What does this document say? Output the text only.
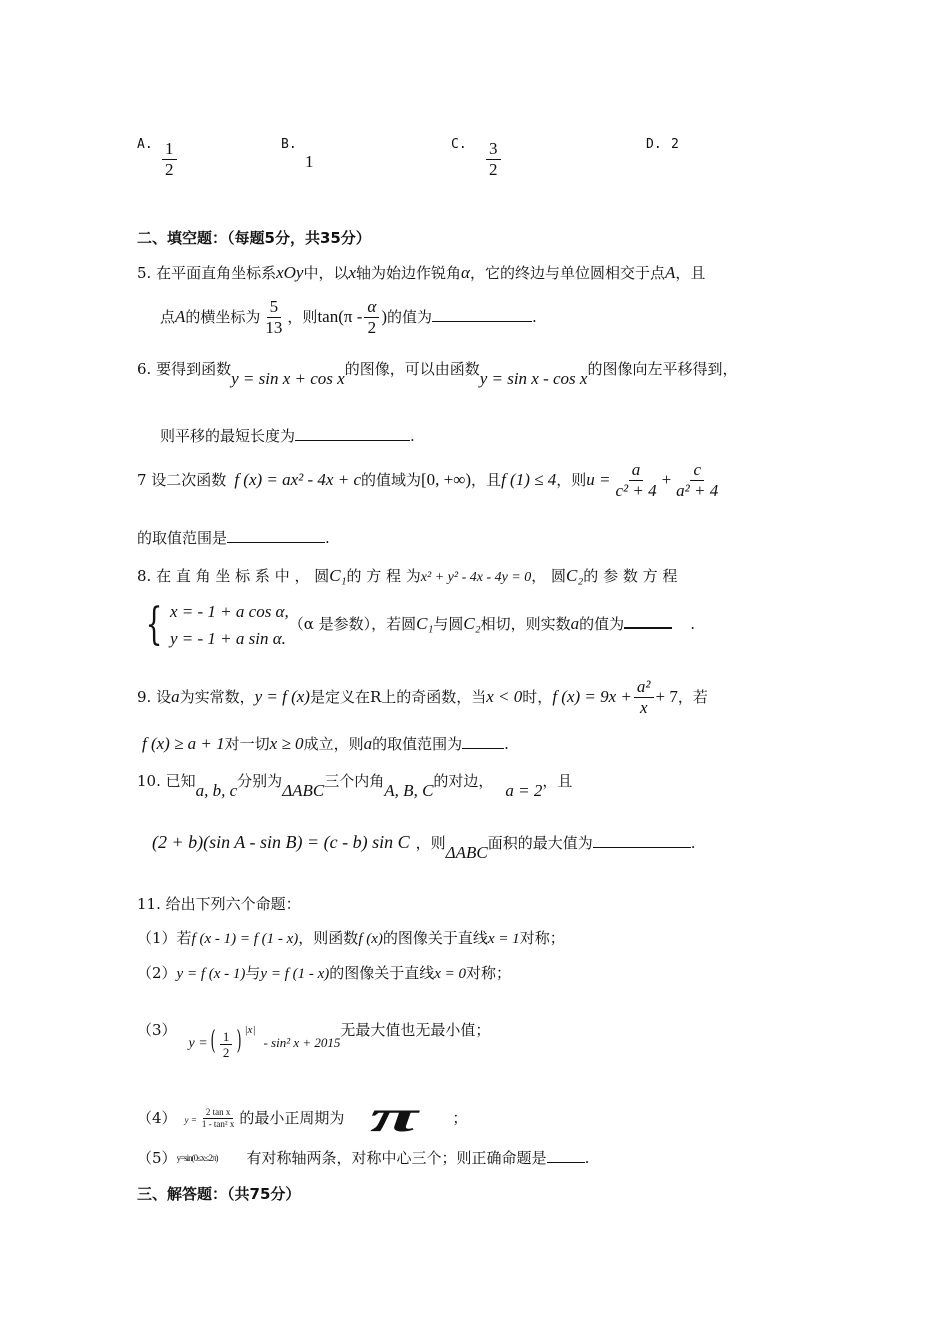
A. $\frac{1}{2}$	B.
1
C. $\frac{3}{2}$	D. 2
二、填空题：（每题5分，共35分）
5. 在平面直角坐标系xOy中，以x轴为始边作锐角α，它的终边与单位圆相交于点A，且
点A的横坐标为 $\frac{5}{13}$ ，则$\tan(\pi - \frac{\alpha}{2}$ )的值为	.
6. 要得到函数y = sin x + cos x的图像，可以由函数y = sin x - cos x的图像向左平移得到，
则平移的最短长度为	.
7 设二次函数 f (x) = ax² - 4x + c的值域为[0, +∞)，且f (1) ≤ 4，则$u = \frac{a}{\text{c² + 4}} + \frac{c}{\text{a² + 4}}$
的取值范围是	.
8. 在 直 角 坐 标 系 中 ， 圆C₁的 方 程 为x² + y² - 4x - 4y = 0， 圆C₂的 参 数 方 程
{ x = - 1 + a cos α,
y = - 1 + a sin α.
（α 是参数），若圆C₁与圆C₂相切，则实数a的值为	.
9. 设a为实常数，y = f (x)是定义在R上的奇函数，当x < 0时，f $(x) = 9x + \frac{\text{a²}}{x} + 7$，若
f (x) ≥ a + 1对一切x ≥ 0成立，则a的取值范围为	.
10. 已知a, b, c分别为ΔABC三个内角A, B, C的对边， a = 2，且
(2 + b)(sin A - sin B) = (c - b) sin C ，则ΔABC面积的最大值为	.
11. 给出下列六个命题：
（1）若f (x - 1) = f (1 - x)，则函数f (x)的图像关于直线x = 1对称；
（2）y = f (x - 1)与y = f (1 - x)的图像关于直线x = 0对称；
（3）y =( $\frac{1}{2}$ ) |x|- sin² x + 2015无最大值也无最小值；
（4） $y = \frac{\text{2 tan x}}{\text{1 - tan² x}}$ 的最小正周期为 π ；
（5）y=sin(0≤x≤2π) 有对称轴两条，对称中心三个；则正确命题是	.
三、解答题：（共75分）
